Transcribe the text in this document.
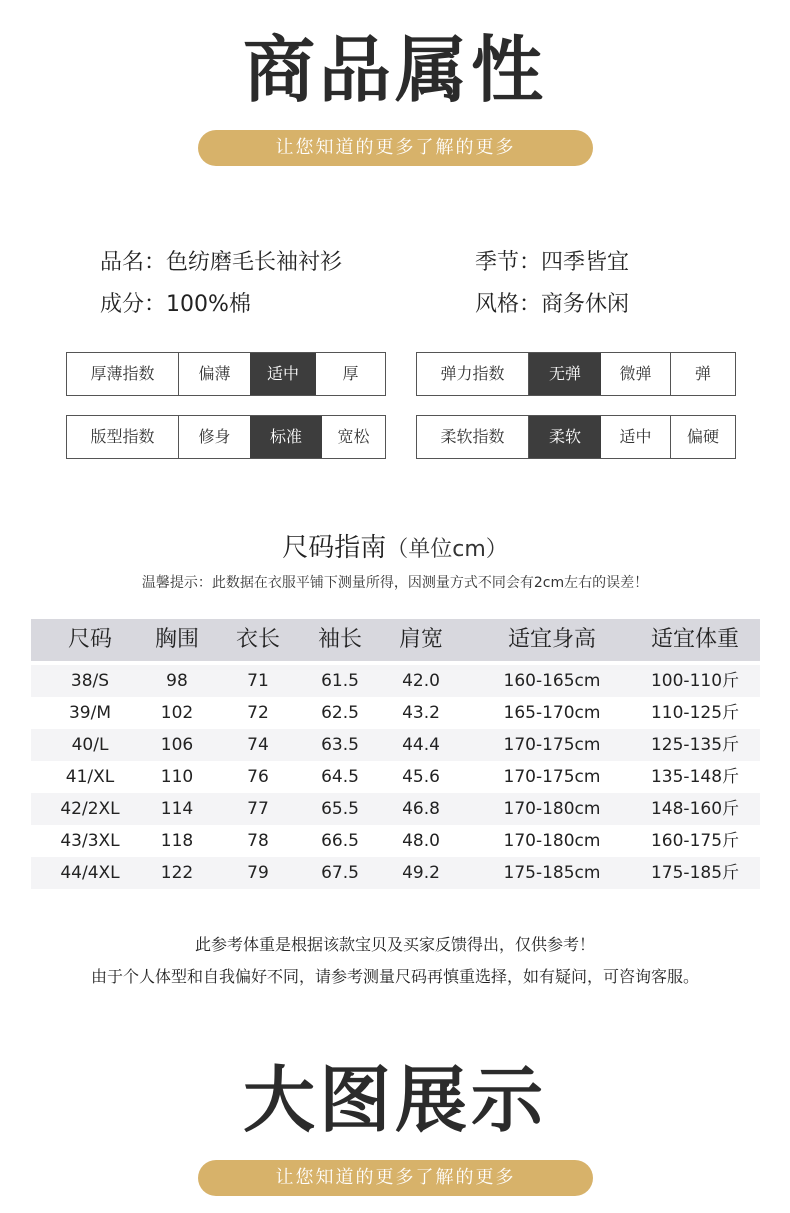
商品属性
让您知道的更多了解的更多
品名：色纺磨毛长袖衬衫	季节：四季皆宜
成分：100%棉	风格：商务休闲
厚薄指数	偏薄	适中	厚	弹力指数	无弹	微弹	弹
版型指数	修身	标准	宽松	柔软指数	柔软	适中	偏硬
尺码指南（单位cm）
温馨提示：此数据在衣服平铺下测量所得，因测量方式不同会有2cm左右的误差！
尺码	胸围	衣长	袖长	肩宽	适宜身高	适宜体重
38/S	98	71	61.5	42.0	160-165cm	100-110斤
39/M	102	72	62.5	43.2	165-170cm	110-125斤
40/L	106	74	63.5	44.4	170-175cm	125-135斤
41/XL	110	76	64.5	45.6	170-175cm	135-148斤
42/2XL	114	77	65.5	46.8	170-180cm	148-160斤
43/3XL	118	78	66.5	48.0	170-180cm	160-175斤
44/4XL	122	79	67.5	49.2	175-185cm	175-185斤
此参考体重是根据该款宝贝及买家反馈得出，仅供参考！
由于个人体型和自我偏好不同，请参考测量尺码再慎重选择，如有疑问，可咨询客服。
大图展示
让您知道的更多了解的更多
